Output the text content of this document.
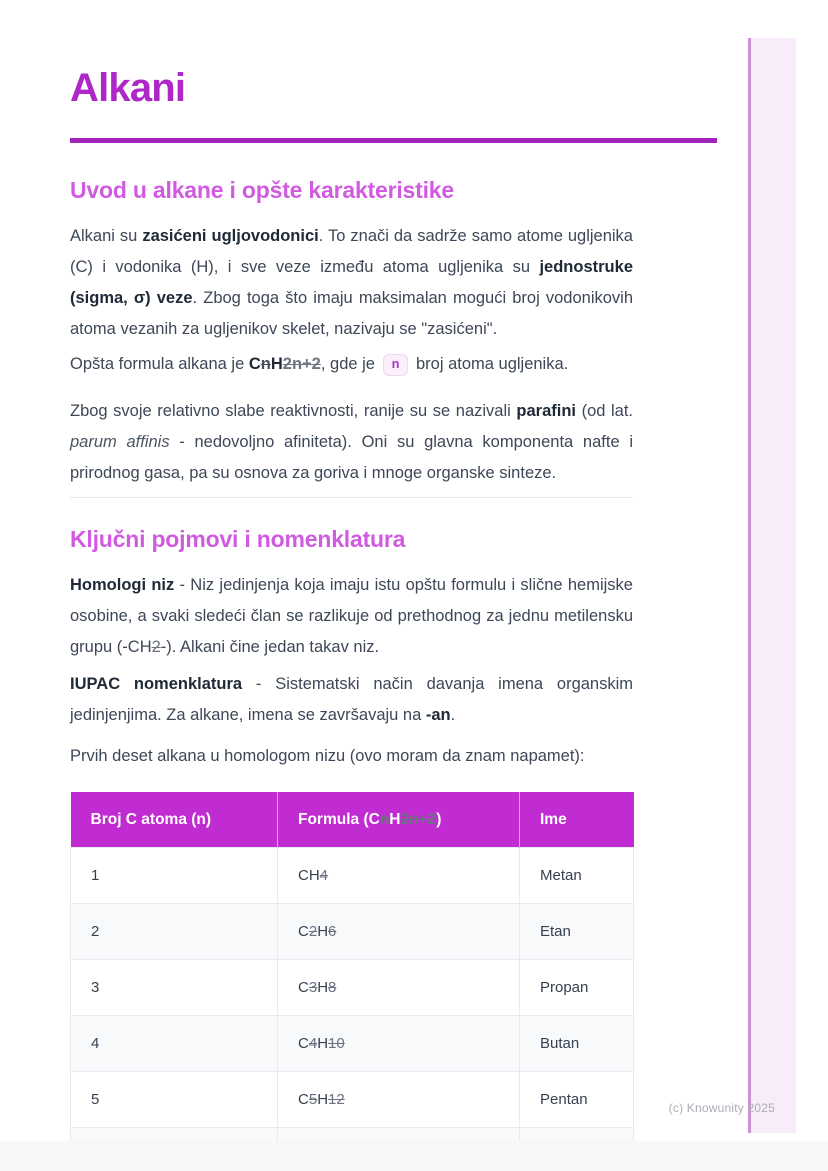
Alkani
Uvod u alkane i opšte karakteristike

Alkani su zasićeni ugljovodonici. To znači da sadrže samo atome ugljenika (C) i vodonika (H), i sve veze između atoma ugljenika su jednostruke (sigma, σ) veze. Zbog toga što imaju maksimalan mogući broj vodonikovih atoma vezanih za ugljenikov skelet, nazivaju se "zasićeni".

Opšta formula alkana je CnH2n+2, gde je n broj atoma ugljenika.

Zbog svoje relativno slabe reaktivnosti, ranije su se nazivali parafini (od lat. parum affinis - nedovoljno afiniteta). Oni su glavna komponenta nafte i prirodnog gasa, pa su osnova za goriva i mnoge organske sinteze.

Ključni pojmovi i nomenklatura

Homologi niz - Niz jedinjenja koja imaju istu opštu formulu i slične hemijske osobine, a svaki sledeći član se razlikuje od prethodnog za jednu metilensku grupu (-CH2-). Alkani čine jedan takav niz.

IUPAC nomenklatura - Sistematski način davanja imena organskim jedinjenjima. Za alkane, imena se završavaju na -an.

Prvih deset alkana u homologom nizu (ovo moram da znam napamet):

Broj C atoma (n)	Formula (CnH2n+2)	Ime
1	CH4	Metan
2	C2H6	Etan
3	C3H8	Propan
4	C4H10	Butan
5	C5H12	Pentan
			(c) Knowunity 2025
